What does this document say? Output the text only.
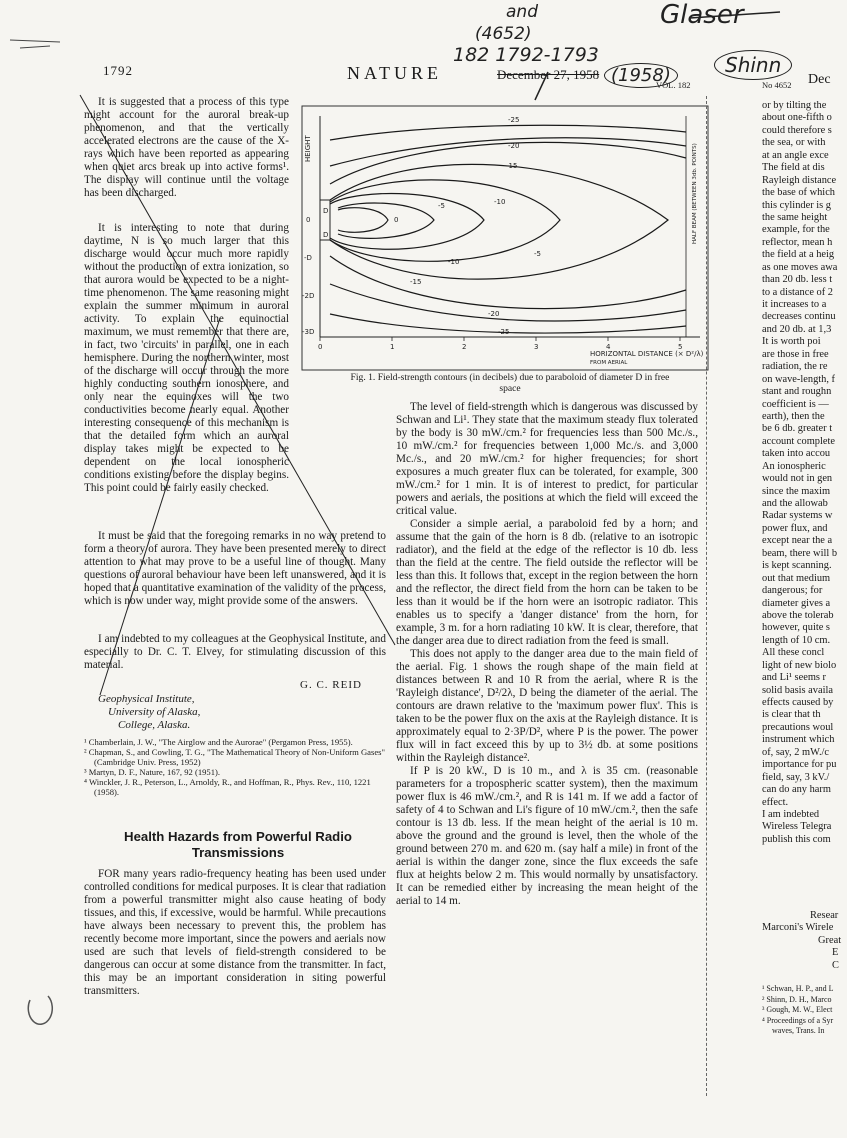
1792	NATURE	December 27, 1958
VOL. 182	No 4652 Dec
and
(4652)
182 1792-1793
(1958)
Glaser
Shinn

It is suggested that a process of this type might account for the auroral break-up phenomenon, and that the vertically accelerated electrons are the cause of the X-rays which have been reported as appearing when quiet arcs break up into active forms¹. The display will continue until the voltage has been discharged.

It is interesting to note that during daytime, N is so much larger that this discharge would occur much more rapidly without the production of extra ionization, so that aurora would be expected to be a night-time phenomenon. The same reasoning might explain the summer minimum in auroral activity. To explain the equinoctial maximum, we must remember that there are, in fact, two 'circuits' in parallel, one in each hemisphere. During the northern winter, most of the discharge will occur through the more highly conducting southern ionosphere, and only near the equinoxes will the two conductivities become nearly equal. Another interesting consequence of this mechanism is that the detailed form which an auroral display takes might be expected to be dependent on the local ionospheric conditions existing before the display begins. This point could be fairly easily checked.

It must be said that the foregoing remarks in no way pretend to form a theory of aurora. They have been presented merely to direct attention to what may prove to be a useful line of thought. Many questions of auroral behaviour have been left unanswered, and it is hoped that a quantitative examination of the validity of the process, which is now under way, might provide some of the answers.

I am indebted to my colleagues at the Geophysical Institute, and especially to Dr. C. T. Elvey, for stimulating discussion of this material.

G. C. REID
Geophysical Institute,
University of Alaska,
College, Alaska.
¹ Chamberlain, J. W., "The Airglow and the Aurorae" (Pergamon Press, 1955).
² Chapman, S., and Cowling, T. G., "The Mathematical Theory of Non-Uniform Gases" (Cambridge Univ. Press, 1952)
³ Martyn, D. F., Nature, 167, 92 (1951).
⁴ Winckler, J. R., Peterson, L., Arnoldy, R., and Hoffman, R., Phys. Rev., 110, 1221 (1958).
Health Hazards from Powerful Radio Transmissions

FOR many years radio-frequency heating has been used under controlled conditions for medical purposes. It is clear that radiation from a powerful transmitter might also cause heating of body tissues, and this, if excessive, would be harmful. While precautions have always been necessary to prevent this, the problem has recently become more important, since the powers and aerials now used are such that levels of field-strength considered to be dangerous can occur at some distance from the transmitter. In fact, this may be an important consideration in siting powerful transmitters.

0	1	2	3	4	5
0
-D
-2D
-3D
HEIGHT	HALF BEAM (BETWEEN 3db. POINTS)
HORIZONTAL DISTANCE (× D²/λ)
FROM AERIAL
D
D
-25
-20
-15
-10
-5
0
-5
-10
-15
-20
-25
Fig. 1. Field-strength contours (in decibels) due to paraboloid of diameter D in free space

The level of field-strength which is dangerous was discussed by Schwan and Li¹. They state that the maximum steady flux tolerated by the body is 30 mW./cm.² for frequencies less than 500 Mc./s., 10 mW./cm.² for frequencies between 1,000 Mc./s. and 3,000 Mc./s., and 20 mW./cm.² for higher frequencies; for short exposures a much greater flux can be tolerated, for example, 300 mW./cm.² for 1 min. It is of interest to predict, for particular powers and aerials, the positions at which the field will exceed the critical value.

Consider a simple aerial, a paraboloid fed by a horn; and assume that the gain of the horn is 8 db. (relative to an isotropic radiator), and the field at the edge of the reflector is 10 db. less than the field at the centre. The field outside the reflector will be less than this. It follows that, except in the region between the horn and the reflector, the direct field from the horn can be taken to be less than it would be if the horn were an isotropic radiator. This enables us to specify a 'danger distance' from the horn, for example, 3 m. for a horn radiating 10 kW. It is clear, therefore, that the danger area due to direct radiation from the feed is small.

This does not apply to the danger area due to the main field of the aerial. Fig. 1 shows the rough shape of the main field at distances between R and 10 R from the aerial, where R is the 'Rayleigh distance', D²/2λ, D being the diameter of the aerial. The contours are drawn relative to the 'maximum power flux'. This is taken to be the power flux on the axis at the Rayleigh distance. It is approximately equal to 2·3P/D², where P is the power. The power flux will in fact exceed this by up to 3½ db. at some positions within the Rayleigh distance².

If P is 20 kW., D is 10 m., and λ is 35 cm. (reasonable parameters for a tropospheric scatter system), then the maximum power flux is 46 mW./cm.², and R is 141 m. If we add a factor of safety of 4 to Schwan and Li's figure of 10 mW./cm.², then the safe contour is 13 db. less. If the mean height of the aerial is 10 m. above the ground and the ground is level, then the whole of the ground between 270 m. and 620 m. (say half a mile) in front of the aerial is within the danger zone, since the flux exceeds the safe flux at heights below 2 m. This would normally by unsatisfactory. It can be remedied either by increasing the mean height of the aerial to 14 m.

or by tilting the
about one-fifth o
could therefore s
the sea, or with
at an angle exce
The field at dis
Rayleigh distance
the base of which
this cylinder is g
the same height
example, for the
reflector, mean h
the field at a heig
as one moves awa
than 20 db. less t
to a distance of 2
it increases to a
decreases continu
and 20 db. at 1,3
It is worth poi
are those in free
radiation, the re
on wave-length, f
stant and roughn
coefficient is —
earth), then the
be 6 db. greater t
account complete
taken into accou
An ionospheric
would not in gen
since the maxim
and the allowab
Radar systems w
power flux, and
except near the a
beam, there will b
is kept scanning.
out that medium
dangerous; for
diameter gives a
above the tolerab
however, quite s
length of 10 cm.
All these concl
light of new biolo
and Li¹ seems r
solid basis availa
effects caused by
is clear that th
precautions woul
instrument which
of, say, 2 mW./c
importance for pu
field, say, 3 kV./
can do any harm
effect.
I am indebted
Wireless Telegra
publish this com
Resear
Marconi's Wirele
Great
E
C
¹ Schwan, H. P., and L
² Shinn, D. H., Marco
³ Gough, M. W., Elect
⁴ Proceedings of a Syr
waves, Trans. In
